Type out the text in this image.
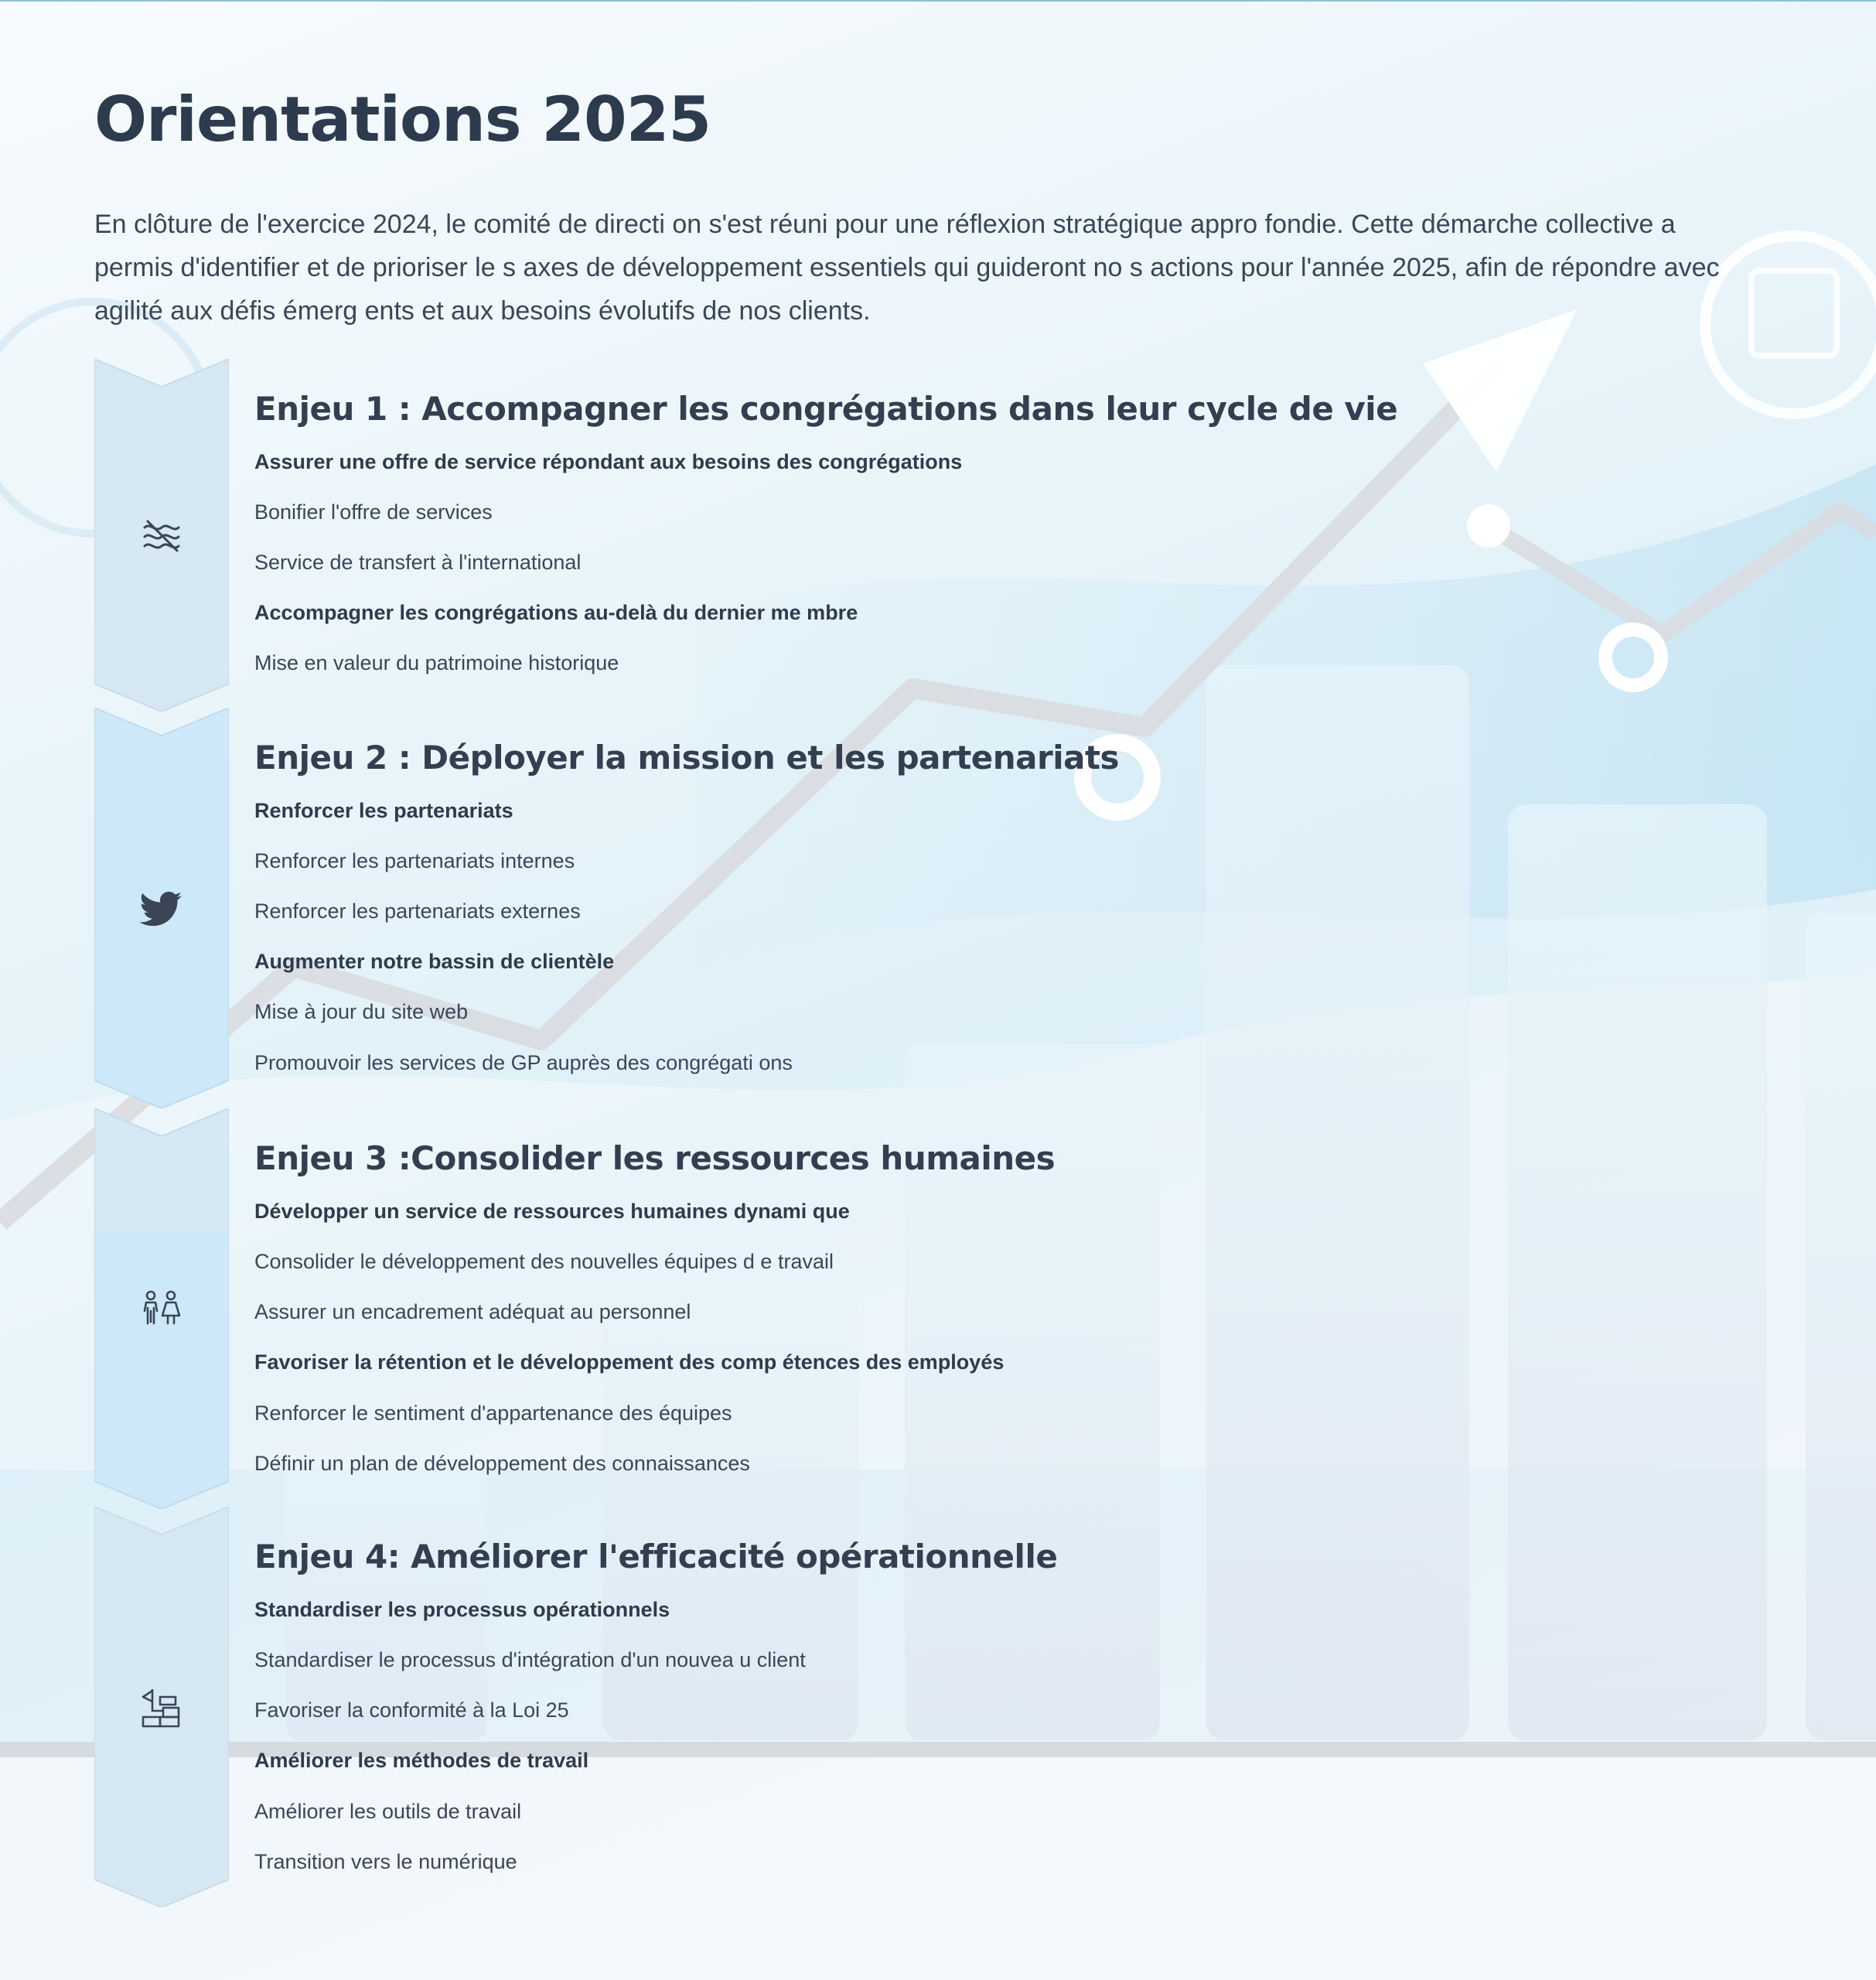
Orientations 2025

En clôture de l'exercice 2024, le comité de directi on s'est réuni pour une réflexion stratégique appro fondie. Cette démarche collective a permis d'identifier et de prioriser le s axes de développement essentiels qui guideront no s actions pour l'année 2025, afin de répondre avec agilité aux défis émerg ents et aux besoins évolutifs de nos clients.

Enjeu 1 : Accompagner les congrégations dans leur cycle de vie
Assurer une offre de service répondant aux besoins des congrégations
Bonifier l'offre de services
Service de transfert à l'international
Accompagner les congrégations au-delà du dernier me mbre
Mise en valeur du patrimoine historique
Enjeu 2 : Déployer la mission et les partenariats
Renforcer les partenariats
Renforcer les partenariats internes
Renforcer les partenariats externes
Augmenter notre bassin de clientèle
Mise à jour du site web
Promouvoir les services de GP auprès des congrégati ons
Enjeu 3 :Consolider les ressources humaines
Développer un service de ressources humaines dynami que
Consolider le développement des nouvelles équipes d e travail
Assurer un encadrement adéquat au personnel
Favoriser la rétention et le développement des comp étences des employés
Renforcer le sentiment d'appartenance des équipes
Définir un plan de développement des connaissances
Enjeu 4: Améliorer l'efficacité opérationnelle
Standardiser les processus opérationnels
Standardiser le processus d'intégration d'un nouvea u client
Favoriser la conformité à la Loi 25
Améliorer les méthodes de travail
Améliorer les outils de travail
Transition vers le numérique
